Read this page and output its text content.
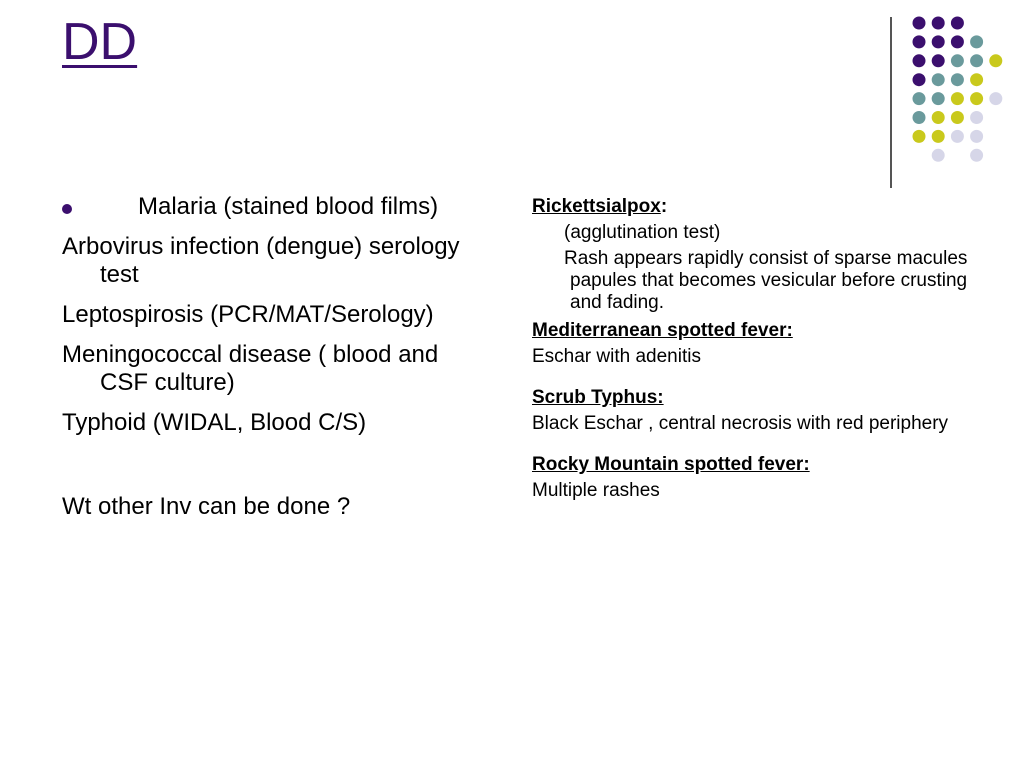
DD
Malaria (stained blood films)
Arbovirus infection (dengue) serology test
Leptospirosis (PCR/MAT/Serology)
Meningococcal disease ( blood and CSF culture)
Typhoid (WIDAL, Blood C/S)
Wt other Inv can be done ?
Rickettsialpox:
(agglutination test)
Rash appears rapidly consist of sparse macules papules that becomes vesicular before crusting and fading.
Mediterranean spotted fever:
Eschar with adenitis
Scrub Typhus:
Black Eschar , central necrosis with red periphery
Rocky Mountain spotted fever:
Multiple rashes
